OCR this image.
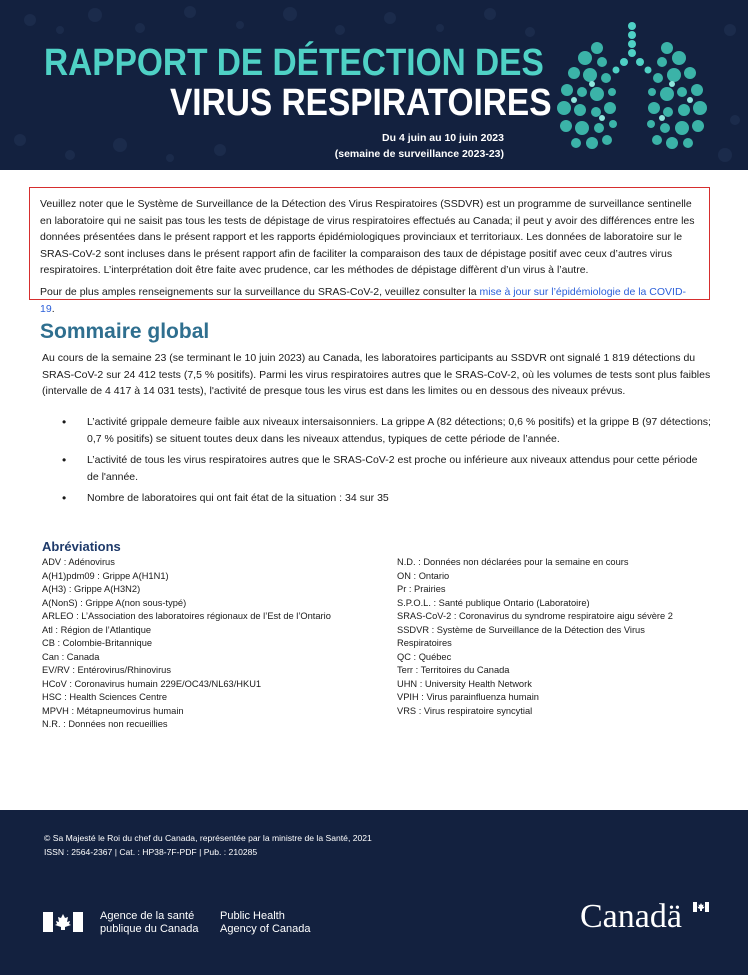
RAPPORT DE DÉTECTION DES
VIRUS RESPIRATOIRES
Du 4 juin au 10 juin 2023
(semaine de surveillance 2023-23)

Veuillez noter que le Système de Surveillance de la Détection des Virus Respiratoires (SSDVR) est un programme de surveillance sentinelle en laboratoire qui ne saisit pas tous les tests de dépistage de virus respiratoires effectués au Canada; il peut y avoir des différences entre les données présentées dans le présent rapport et les rapports épidémiologiques provinciaux et territoriaux. Les données de laboratoire sur le SRAS-CoV-2 sont incluses dans le présent rapport afin de faciliter la comparaison des taux de dépistage positif avec ceux d’autres virus respiratoires. L’interprétation doit être faite avec prudence, car les méthodes de dépistage diffèrent d’un virus à l’autre.

Pour de plus amples renseignements sur la surveillance du SRAS-CoV-2, veuillez consulter la mise à jour sur l’épidémiologie de la COVID-19.

Sommaire global

Au cours de la semaine 23 (se terminant le 10 juin 2023) au Canada, les laboratoires participants au SSDVR ont signalé 1 819 détections du SRAS-CoV-2 sur 24 412 tests (7,5 % positifs). Parmi les virus respiratoires autres que le SRAS-CoV-2, où les volumes de tests sont plus faibles (intervalle de 4 417 à 14 031 tests), l'activité de presque tous les virus est dans les limites ou en dessous des niveaux prévus.

• L’activité grippale demeure faible aux niveaux intersaisonniers. La grippe A (82 détections; 0,6 % positifs) et la grippe B (97 détections; 0,7 % positifs) se situent toutes deux dans les niveaux attendus, typiques de cette période de l’année.
• L’activité de tous les virus respiratoires autres que le SRAS-CoV-2 est proche ou inférieure aux niveaux attendus pour cette période de l'année.
• Nombre de laboratoires qui ont fait état de la situation : 34 sur 35
Abréviations
ADV : Adénovirus
A(H1)pdm09 : Grippe A(H1N1)
A(H3) : Grippe A(H3N2)
A(NonS) : Grippe A(non sous-typé)
ARLEO : L’Association des laboratoires régionaux de l’Est de l’Ontario
Atl : Région de l’Atlantique
CB : Colombie-Britannique
Can : Canada
EV/RV : Entérovirus/Rhinovirus
HCoV : Coronavirus humain 229E/OC43/NL63/HKU1
HSC : Health Sciences Centre
MPVH : Métapneumovirus humain
N.R. : Données non recueillies
N.D. : Données non déclarées pour la semaine en cours
ON : Ontario
Pr : Prairies
S.P.O.L. : Santé publique Ontario (Laboratoire)
SRAS-CoV-2 : Coronavirus du syndrome respiratoire aigu sévère 2
SSDVR : Système de Surveillance de la Détection des Virus Respiratoires
QC : Québec
Terr : Territoires du Canada
UHN : University Health Network
VPIH : Virus parainfluenza humain
VRS : Virus respiratoire syncytial
© Sa Majesté le Roi du chef du Canada, représentée par la ministre de la Santé, 2021
ISSN : 2564-2367 | Cat. : HP38-7F-PDF | Pub. : 210285
Agence de la santé
publique du Canada
Public Health
Agency of Canada	Canadä
